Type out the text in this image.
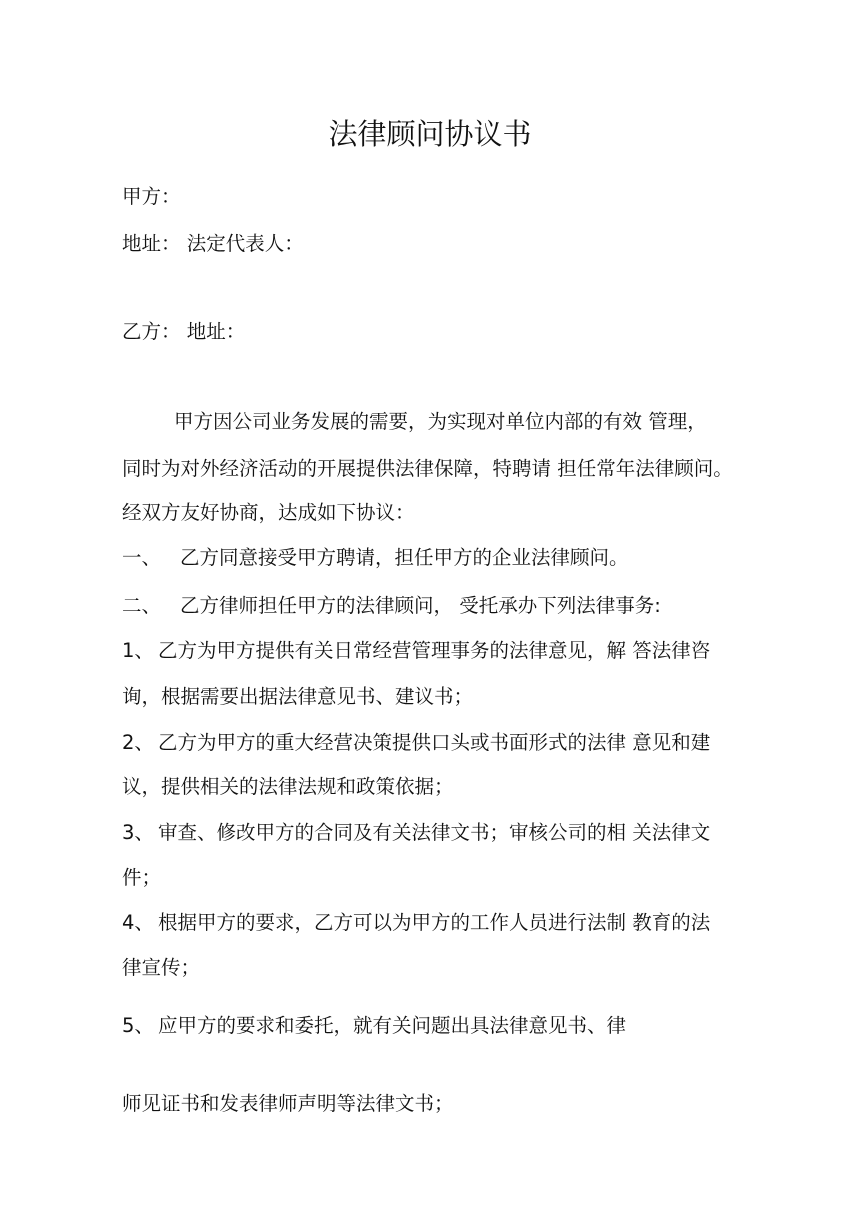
法律顾问协议书
甲方：
地址： 法定代表人：
乙方： 地址：
甲方因公司业务发展的需要，为实现对单位内部的有效 管理，
同时为对外经济活动的开展提供法律保障，特聘请 担任常年法律顾问。
经双方友好协商，达成如下协议：
一、 乙方同意接受甲方聘请，担任甲方的企业法律顾问。
二、 乙方律师担任甲方的法律顾问， 受托承办下列法律事务:
1、 乙方为甲方提供有关日常经营管理事务的法律意见，解 答法律咨
询，根据需要出据法律意见书、建议书；
2、 乙方为甲方的重大经营决策提供口头或书面形式的法律 意见和建
议，提供相关的法律法规和政策依据；
3、 审查、修改甲方的合同及有关法律文书；审核公司的相 关法律文
件；
4、 根据甲方的要求，乙方可以为甲方的工作人员进行法制 教育的法
律宣传；
5、 应甲方的要求和委托，就有关问题出具法律意见书、律
师见证书和发表律师声明等法律文书；
